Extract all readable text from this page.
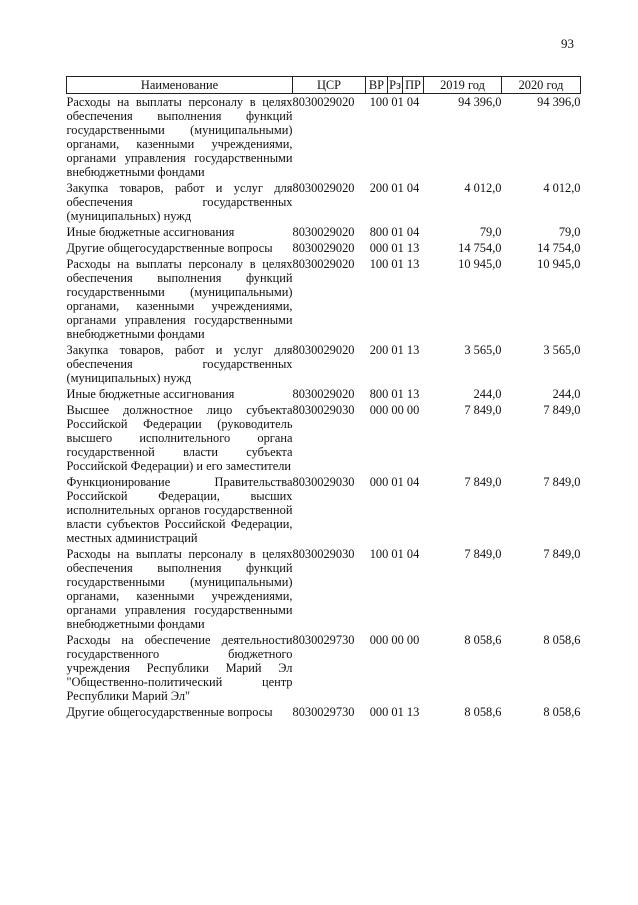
93
Наименование	ЦСР	ВР	Рз	ПР	2019 год	2020 год
Расходы на выплаты персоналу в целях обеспечения выполнения функций государственными (муниципальными) органами, казенными учреждениями, органами управления государственными внебюджетными фондами	8030029020	100 01 04			94 396,0	94 396,0
Закупка товаров, работ и услуг для обеспечения государственных (муниципальных) нужд	8030029020	200 01 04			4 012,0	4 012,0
Иные бюджетные ассигнования	8030029020	800 01 04			79,0	79,0
Другие общегосударственные вопросы	8030029020	000 01 13			14 754,0	14 754,0
Расходы на выплаты персоналу в целях обеспечения выполнения функций государственными (муниципальными) органами, казенными учреждениями, органами управления государственными внебюджетными фондами	8030029020	100 01 13			10 945,0	10 945,0
Закупка товаров, работ и услуг для обеспечения государственных (муниципальных) нужд	8030029020	200 01 13			3 565,0	3 565,0
Иные бюджетные ассигнования	8030029020	800 01 13			244,0	244,0
Высшее должностное лицо субъекта Российской Федерации (руководитель высшего исполнительного органа государственной власти субъекта Российской Федерации) и его заместители	8030029030	000 00 00			7 849,0	7 849,0
Функционирование Правительства Российской Федерации, высших исполнительных органов государственной власти субъектов Российской Федерации, местных администраций	8030029030	000 01 04			7 849,0	7 849,0
Расходы на выплаты персоналу в целях обеспечения выполнения функций государственными (муниципальными) органами, казенными учреждениями, органами управления государственными внебюджетными фондами	8030029030	100 01 04			7 849,0	7 849,0
Расходы на обеспечение деятельности государственного бюджетного учреждения Республики Марий Эл "Общественно-политический центр Республики Марий Эл"	8030029730	000 00 00			8 058,6	8 058,6
Другие общегосударственные вопросы	8030029730	000 01 13			8 058,6	8 058,6
